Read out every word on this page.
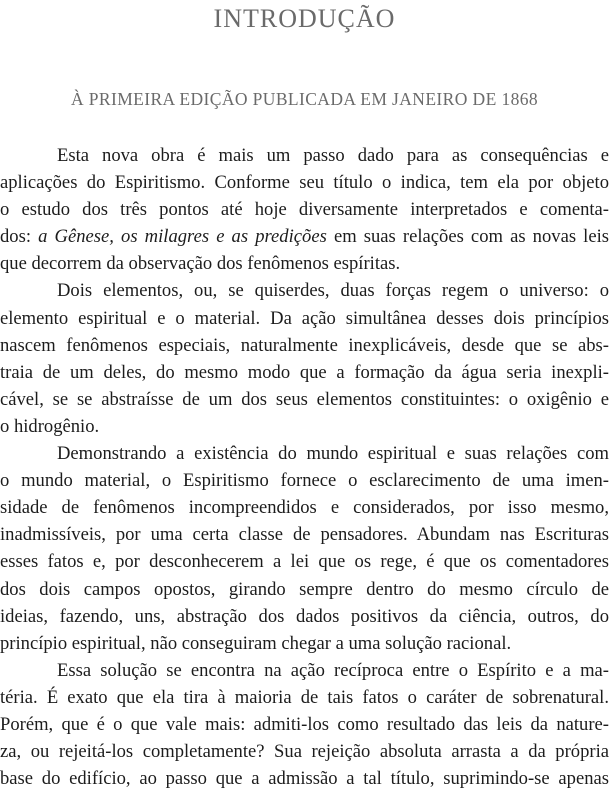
INTRODUÇÃO
À PRIMEIRA EDIÇÃO PUBLICADA EM JANEIRO DE 1868
Esta nova obra é mais um passo dado para as consequências e
aplicações do Espiritismo. Conforme seu título o indica, tem ela por objeto
o estudo dos três pontos até hoje diversamente interpretados e comenta-
dos: a Gênese, os milagres e as predições em suas relações com as novas leis
que decorrem da observação dos fenômenos espíritas.
Dois elementos, ou, se quiserdes, duas forças regem o universo: o
elemento espiritual e o material. Da ação simultânea desses dois princípios
nascem fenômenos especiais, naturalmente inexplicáveis, desde que se abs-
traia de um deles, do mesmo modo que a formação da água seria inexpli-
cável, se se abstraísse de um dos seus elementos constituintes: o oxigênio e
o hidrogênio.
Demonstrando a existência do mundo espiritual e suas relações com
o mundo material, o Espiritismo fornece o esclarecimento de uma imen-
sidade de fenômenos incompreendidos e considerados, por isso mesmo,
inadmissíveis, por uma certa classe de pensadores. Abundam nas Escrituras
esses fatos e, por desconhecerem a lei que os rege, é que os comentadores
dos dois campos opostos, girando sempre dentro do mesmo círculo de
ideias, fazendo, uns, abstração dos dados positivos da ciência, outros, do
princípio espiritual, não conseguiram chegar a uma solução racional.
Essa solução se encontra na ação recíproca entre o Espírito e a ma-
téria. É exato que ela tira à maioria de tais fatos o caráter de sobrenatural.
Porém, que é o que vale mais: admiti-los como resultado das leis da nature-
za, ou rejeitá-los completamente? Sua rejeição absoluta arrasta a da própria
base do edifício, ao passo que a admissão a tal título, suprimindo-se apenas
